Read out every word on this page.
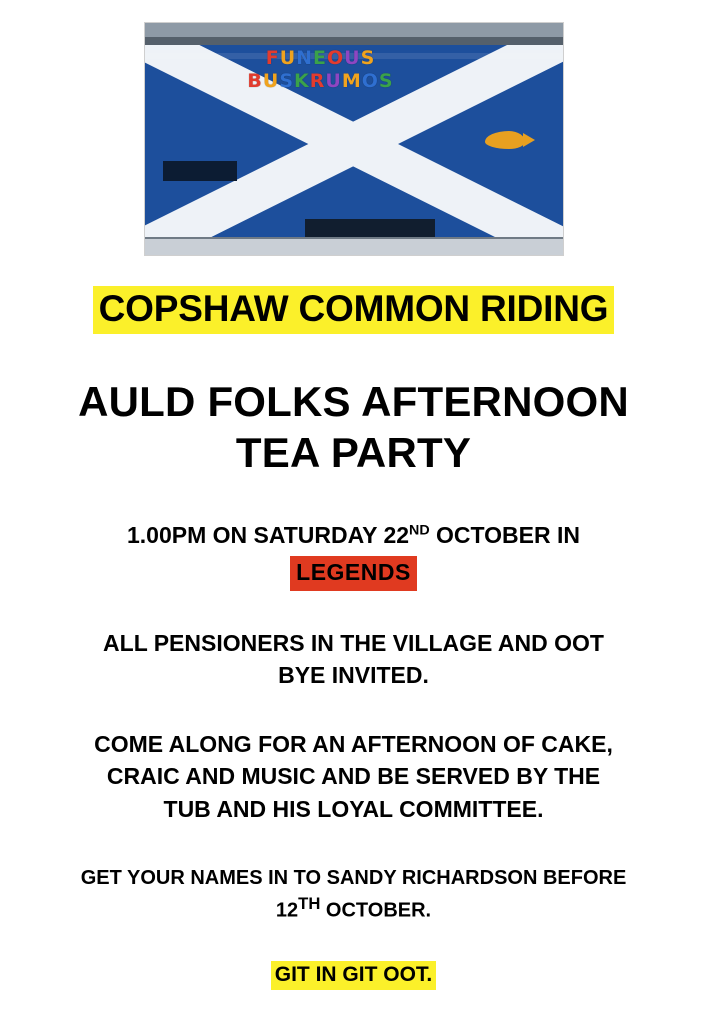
FUNEOUS
BUSKRUMOS
COPSHAW COMMON RIDING
AULD FOLKS AFTERNOON
TEA PARTY
1.00PM ON SATURDAY 22ND OCTOBER IN
LEGENDS
ALL PENSIONERS IN THE VILLAGE AND OOT
BYE INVITED.
COME ALONG FOR AN AFTERNOON OF CAKE,
CRAIC AND MUSIC AND BE SERVED BY THE
TUB AND HIS LOYAL COMMITTEE.
GET YOUR NAMES IN TO SANDY RICHARDSON BEFORE
12TH OCTOBER.
GIT IN GIT OOT.
